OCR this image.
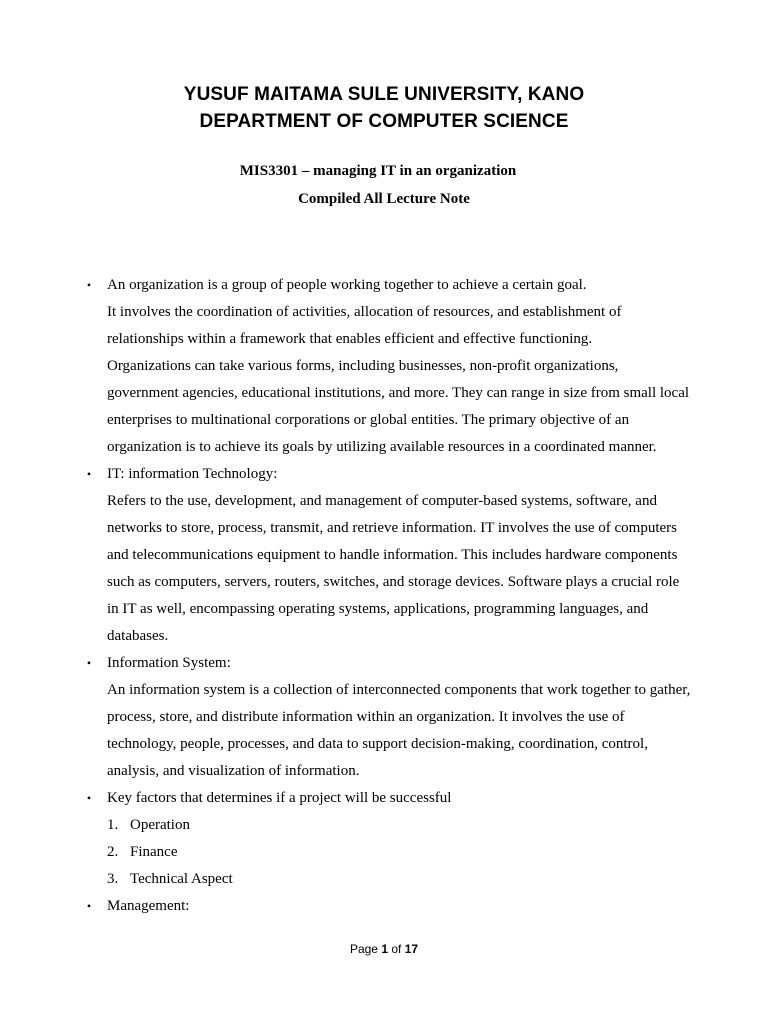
YUSUF MAITAMA SULE UNIVERSITY, KANO
DEPARTMENT OF COMPUTER SCIENCE
MIS3301 – managing IT in an organization
Compiled All Lecture Note
• An organization is a group of people working together to achieve a certain goal.
It involves the coordination of activities, allocation of resources, and establishment of
relationships within a framework that enables efficient and effective functioning.
Organizations can take various forms, including businesses, non-profit organizations,
government agencies, educational institutions, and more. They can range in size from small local
enterprises to multinational corporations or global entities. The primary objective of an
organization is to achieve its goals by utilizing available resources in a coordinated manner.
• IT: information Technology:
Refers to the use, development, and management of computer-based systems, software, and
networks to store, process, transmit, and retrieve information. IT involves the use of computers
and telecommunications equipment to handle information. This includes hardware components
such as computers, servers, routers, switches, and storage devices. Software plays a crucial role
in IT as well, encompassing operating systems, applications, programming languages, and
databases.
• Information System:
An information system is a collection of interconnected components that work together to gather,
process, store, and distribute information within an organization. It involves the use of
technology, people, processes, and data to support decision-making, coordination, control,
analysis, and visualization of information.
• Key factors that determines if a project will be successful
1. Operation
2. Finance
3. Technical Aspect
• Management:
Page 1 of 17
